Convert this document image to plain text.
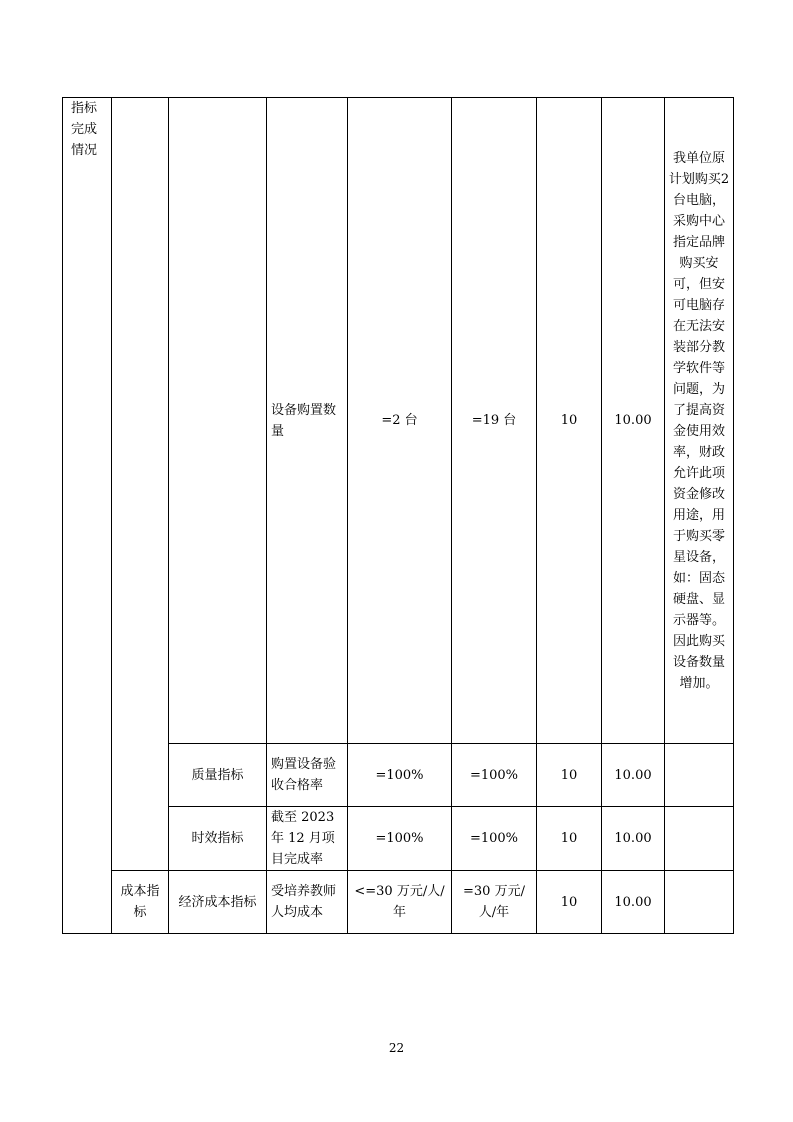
指标完成情况			设备购置数量	=2 台	=19 台	10	10.00	我单位原计划购买2台电脑，采购中心指定品牌购买安可，但安可电脑存在无法安装部分教学软件等问题，为了提高资金使用效率，财政允许此项资金修改用途，用于购买零星设备，如：固态硬盘、显示器等。因此购买设备数量增加。
		质量指标	购置设备验收合格率	=100%	=100%	10	10.00	
		时效指标	截至 2023 年 12 月项目完成率	=100%	=100%	10	10.00	
	成本指标	经济成本指标	受培养教师人均成本	<=30 万元/人/年	=30 万元/人/年	10	10.00	
22
